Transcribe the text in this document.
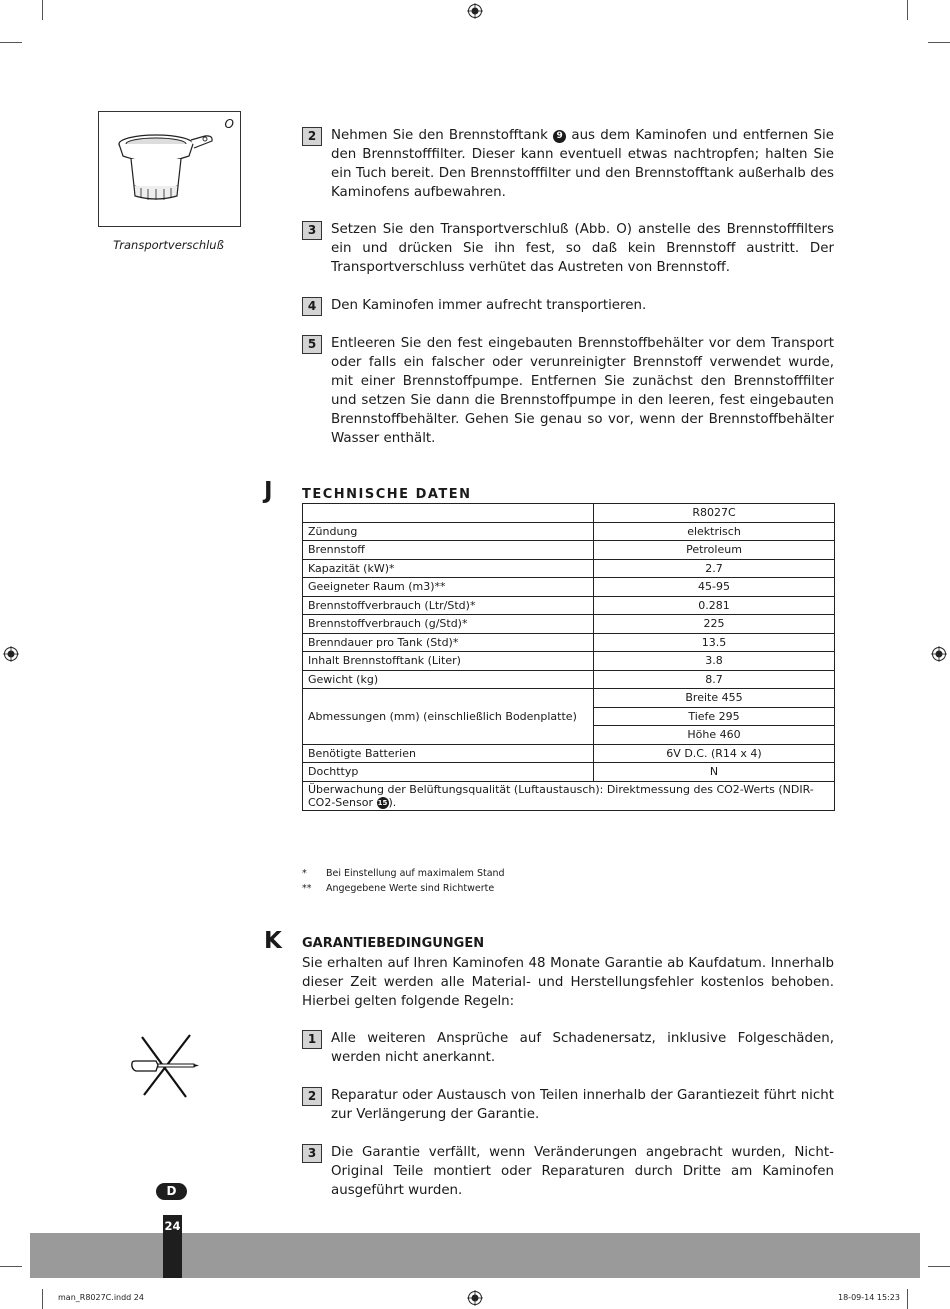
O
Transportverschluß
2	Nehmen Sie den Brennstofftank 9 aus dem Kaminofen und entfernen Sie den Brennstofffilter. Dieser kann eventuell etwas nachtropfen; halten Sie ein Tuch bereit. Den Brennstofffilter und den Brennstofftank außerhalb des Kaminofens aufbewahren.
3	Setzen Sie den Transportverschluß (Abb. O) anstelle des Brennstofffilters ein und drücken Sie ihn fest, so daß kein Brennstoff austritt. Der Transportverschluss verhütet das Austreten von Brennstoff.
4	Den Kaminofen immer aufrecht transportieren.
5	Entleeren Sie den fest eingebauten Brennstoffbehälter vor dem Transport oder falls ein falscher oder verunreinigter Brennstoff verwendet wurde, mit einer Brennstoffpumpe. Entfernen Sie zunächst den Brennstofffilter und setzen Sie dann die Brennstoffpumpe in den leeren, fest eingebauten Brennstoffbehälter. Gehen Sie genau so vor, wenn der Brennstoffbehälter Wasser enthält.
J TECHNISCHE DATEN
	R8027C
Zündung	elektrisch
Brennstoff	Petroleum
Kapazität (kW)*	2.7
Geeigneter Raum (m3)**	45-95
Brennstoffverbrauch (Ltr/Std)*	0.281
Brennstoffverbrauch (g/Std)*	225
Brenndauer pro Tank (Std)*	13.5
Inhalt Brennstofftank (Liter)	3.8
Gewicht (kg)	8.7
Abmessungen (mm) (einschließlich Bodenplatte)	Breite 455
	Tiefe 295
	Höhe 460
Benötigte Batterien	6V D.C. (R14 x 4)
Dochttyp	N
Überwachung der Belüftungsqualität (Luftaustausch): Direktmessung des CO2-Werts (NDIR-CO2-Sensor 15).	
* Bei Einstellung auf maximalem Stand
** Angegebene Werte sind Richtwerte
K GARANTIEBEDINGUNGEN
Sie erhalten auf Ihren Kaminofen 48 Monate Garantie ab Kaufdatum. Innerhalb dieser Zeit werden alle Material- und Herstellungsfehler kostenlos behoben. Hierbei gelten folgende Regeln:
1	Alle weiteren Ansprüche auf Schadenersatz, inklusive Folgeschäden, werden nicht anerkannt.
2	Reparatur oder Austausch von Teilen innerhalb der Garantiezeit führt nicht zur Verlängerung der Garantie.
3	Die Garantie verfällt, wenn Veränderungen angebracht wurden, Nicht-Original Teile montiert oder Reparaturen durch Dritte am Kaminofen ausgeführt wurden.
D
24
man_R8027C.indd 24	18-09-14 15:23
